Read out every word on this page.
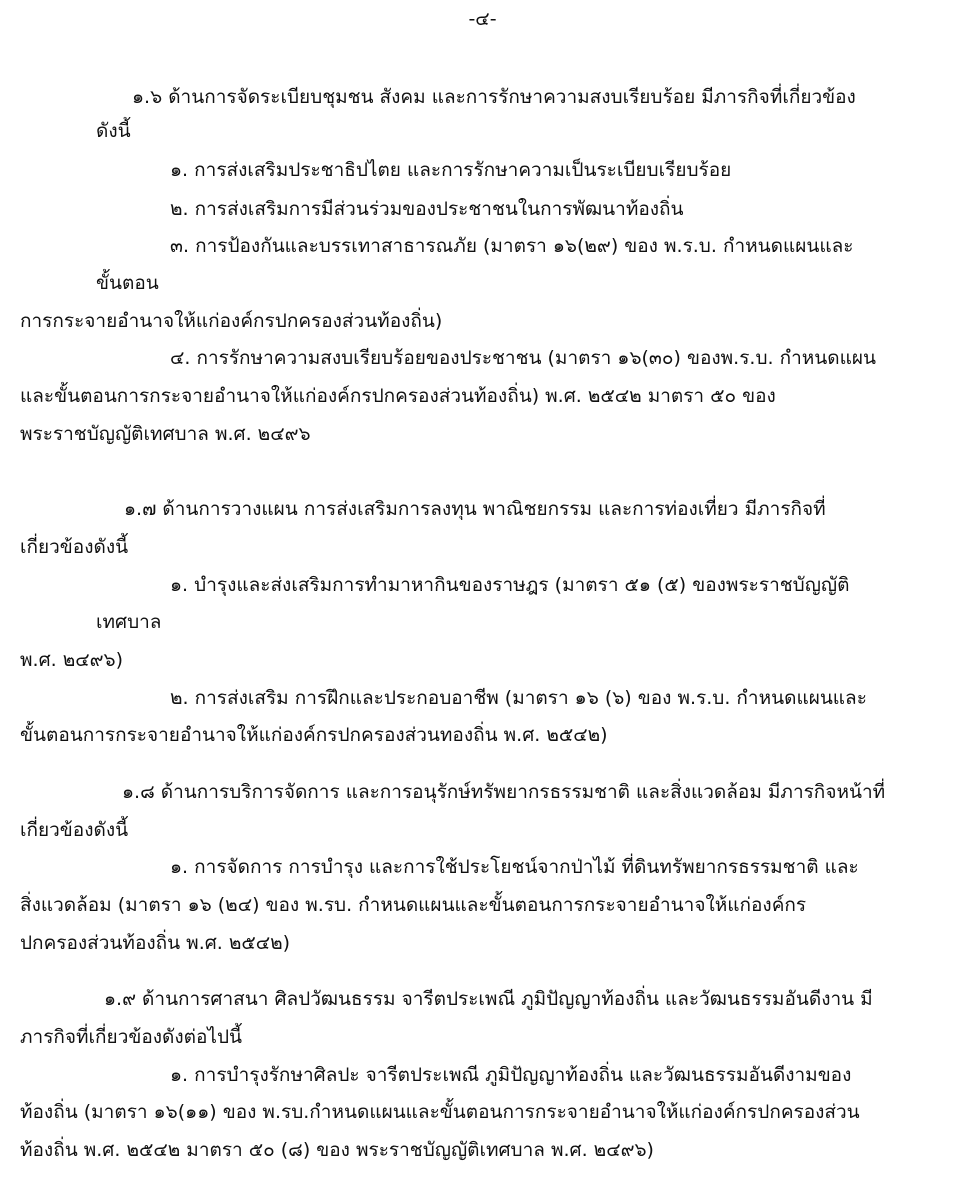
-๔-
๑.๖ ด้านการจัดระเบียบชุมชน สังคม และการรักษาความสงบเรียบร้อย มีภารกิจที่เกี่ยวข้อง
ดังนี้
๑. การส่งเสริมประชาธิปไตย และการรักษาความเป็นระเบียบเรียบร้อย
๒. การส่งเสริมการมีส่วนร่วมของประชาชนในการพัฒนาท้องถิ่น
๓. การป้องกันและบรรเทาสาธารณภัย (มาตรา ๑๖(๒๙) ของ พ.ร.บ. กำหนดแผนและ
ขั้นตอน
การกระจายอำนาจให้แก่องค์กรปกครองส่วนท้องถิ่น)
๔. การรักษาความสงบเรียบร้อยของประชาชน (มาตรา ๑๖(๓๐) ของพ.ร.บ. กำหนดแผน
และขั้นตอนการกระจายอำนาจให้แก่องค์กรปกครองส่วนท้องถิ่น) พ.ศ. ๒๕๔๒ มาตรา ๕๐ ของ
พระราชบัญญัติเทศบาล พ.ศ. ๒๔๙๖
๑.๗ ด้านการวางแผน การส่งเสริมการลงทุน พาณิชยกรรม และการท่องเที่ยว มีภารกิจที่
เกี่ยวข้องดังนี้
๑. บำรุงและส่งเสริมการทำมาหากินของราษฎร (มาตรา ๕๑ (๕) ของพระราชบัญญัติ
เทศบาล
พ.ศ. ๒๔๙๖)
๒. การส่งเสริม การฝึกและประกอบอาชีพ (มาตรา ๑๖ (๖) ของ พ.ร.บ. กำหนดแผนและ
ขั้นตอนการกระจายอำนาจให้แก่องค์กรปกครองส่วนทองถิ่น พ.ศ. ๒๕๔๒)
๑.๘ ด้านการบริการจัดการ และการอนุรักษ์ทรัพยากรธรรมชาติ และสิ่งแวดล้อม มีภารกิจหน้าที่
เกี่ยวข้องดังนี้
๑. การจัดการ การบำรุง และการใช้ประโยชน์จากป่าไม้ ที่ดินทรัพยากรธรรมชาติ และ
สิ่งแวดล้อม (มาตรา ๑๖ (๒๔) ของ พ.รบ. กำหนดแผนและขั้นตอนการกระจายอำนาจให้แก่องค์กร
ปกครองส่วนท้องถิ่น พ.ศ. ๒๕๔๒)
๑.๙ ด้านการศาสนา ศิลปวัฒนธรรม จารีตประเพณี ภูมิปัญญาท้องถิ่น และวัฒนธรรมอันดีงาน มี
ภารกิจที่เกี่ยวข้องดังต่อไปนี้
๑. การบำรุงรักษาศิลปะ จารีตประเพณี ภูมิปัญญาท้องถิ่น และวัฒนธรรมอันดีงามของ
ท้องถิ่น (มาตรา ๑๖(๑๑) ของ พ.รบ.กำหนดแผนและขั้นตอนการกระจายอำนาจให้แก่องค์กรปกครองส่วน
ท้องถิ่น พ.ศ. ๒๕๔๒ มาตรา ๕๐ (๘) ของ พระราชบัญญัติเทศบาล พ.ศ. ๒๔๙๖)
